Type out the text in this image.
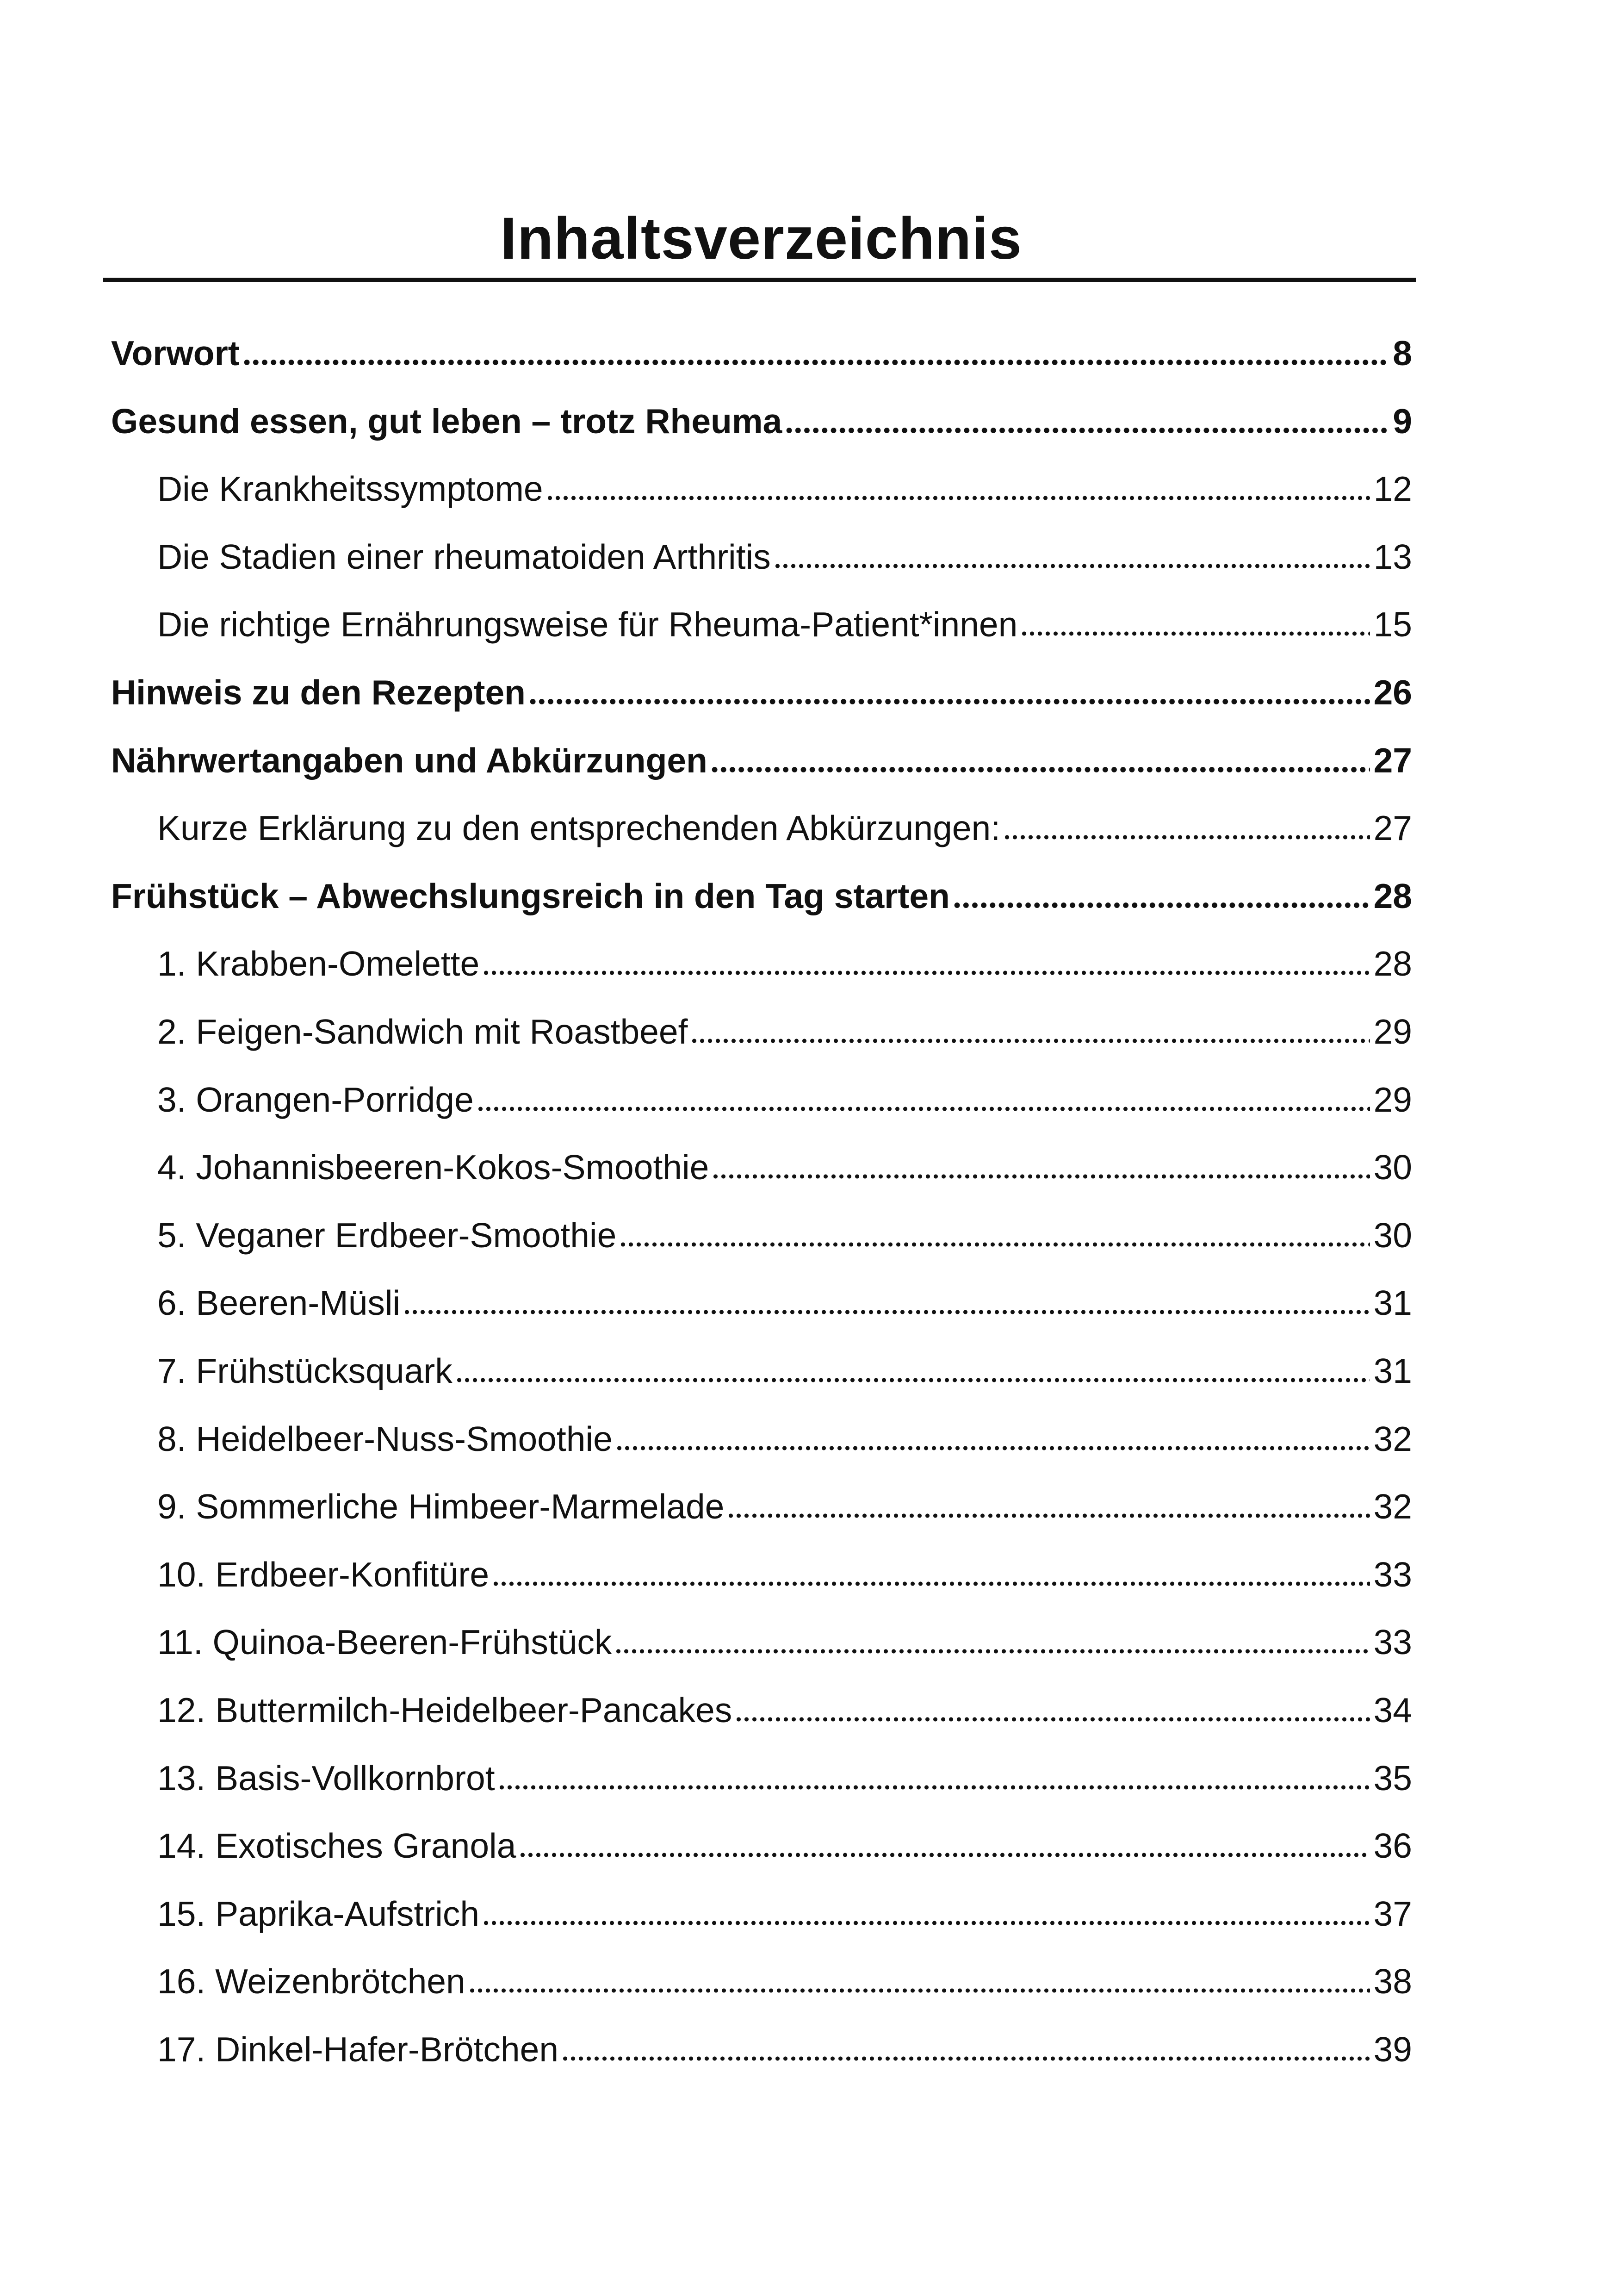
Inhaltsverzeichnis
Vorwort	8
Gesund essen, gut leben – trotz Rheuma	9
Die Krankheitssymptome	12
Die Stadien einer rheumatoiden Arthritis	13
Die richtige Ernährungsweise für Rheuma-Patient*innen	15
Hinweis zu den Rezepten	26
Nährwertangaben und Abkürzungen	27
Kurze Erklärung zu den entsprechenden Abkürzungen:	27
Frühstück – Abwechslungsreich in den Tag starten	28
1. Krabben-Omelette	28
2. Feigen-Sandwich mit Roastbeef	29
3. Orangen-Porridge	29
4. Johannisbeeren-Kokos-Smoothie	30
5. Veganer Erdbeer-Smoothie	30
6. Beeren-Müsli	31
7. Frühstücksquark	31
8. Heidelbeer-Nuss-Smoothie	32
9. Sommerliche Himbeer-Marmelade	32
10. Erdbeer-Konfitüre	33
11. Quinoa-Beeren-Frühstück	33
12. Buttermilch-Heidelbeer-Pancakes	34
13. Basis-Vollkornbrot	35
14. Exotisches Granola	36
15. Paprika-Aufstrich	37
16. Weizenbrötchen	38
17. Dinkel-Hafer-Brötchen	39
